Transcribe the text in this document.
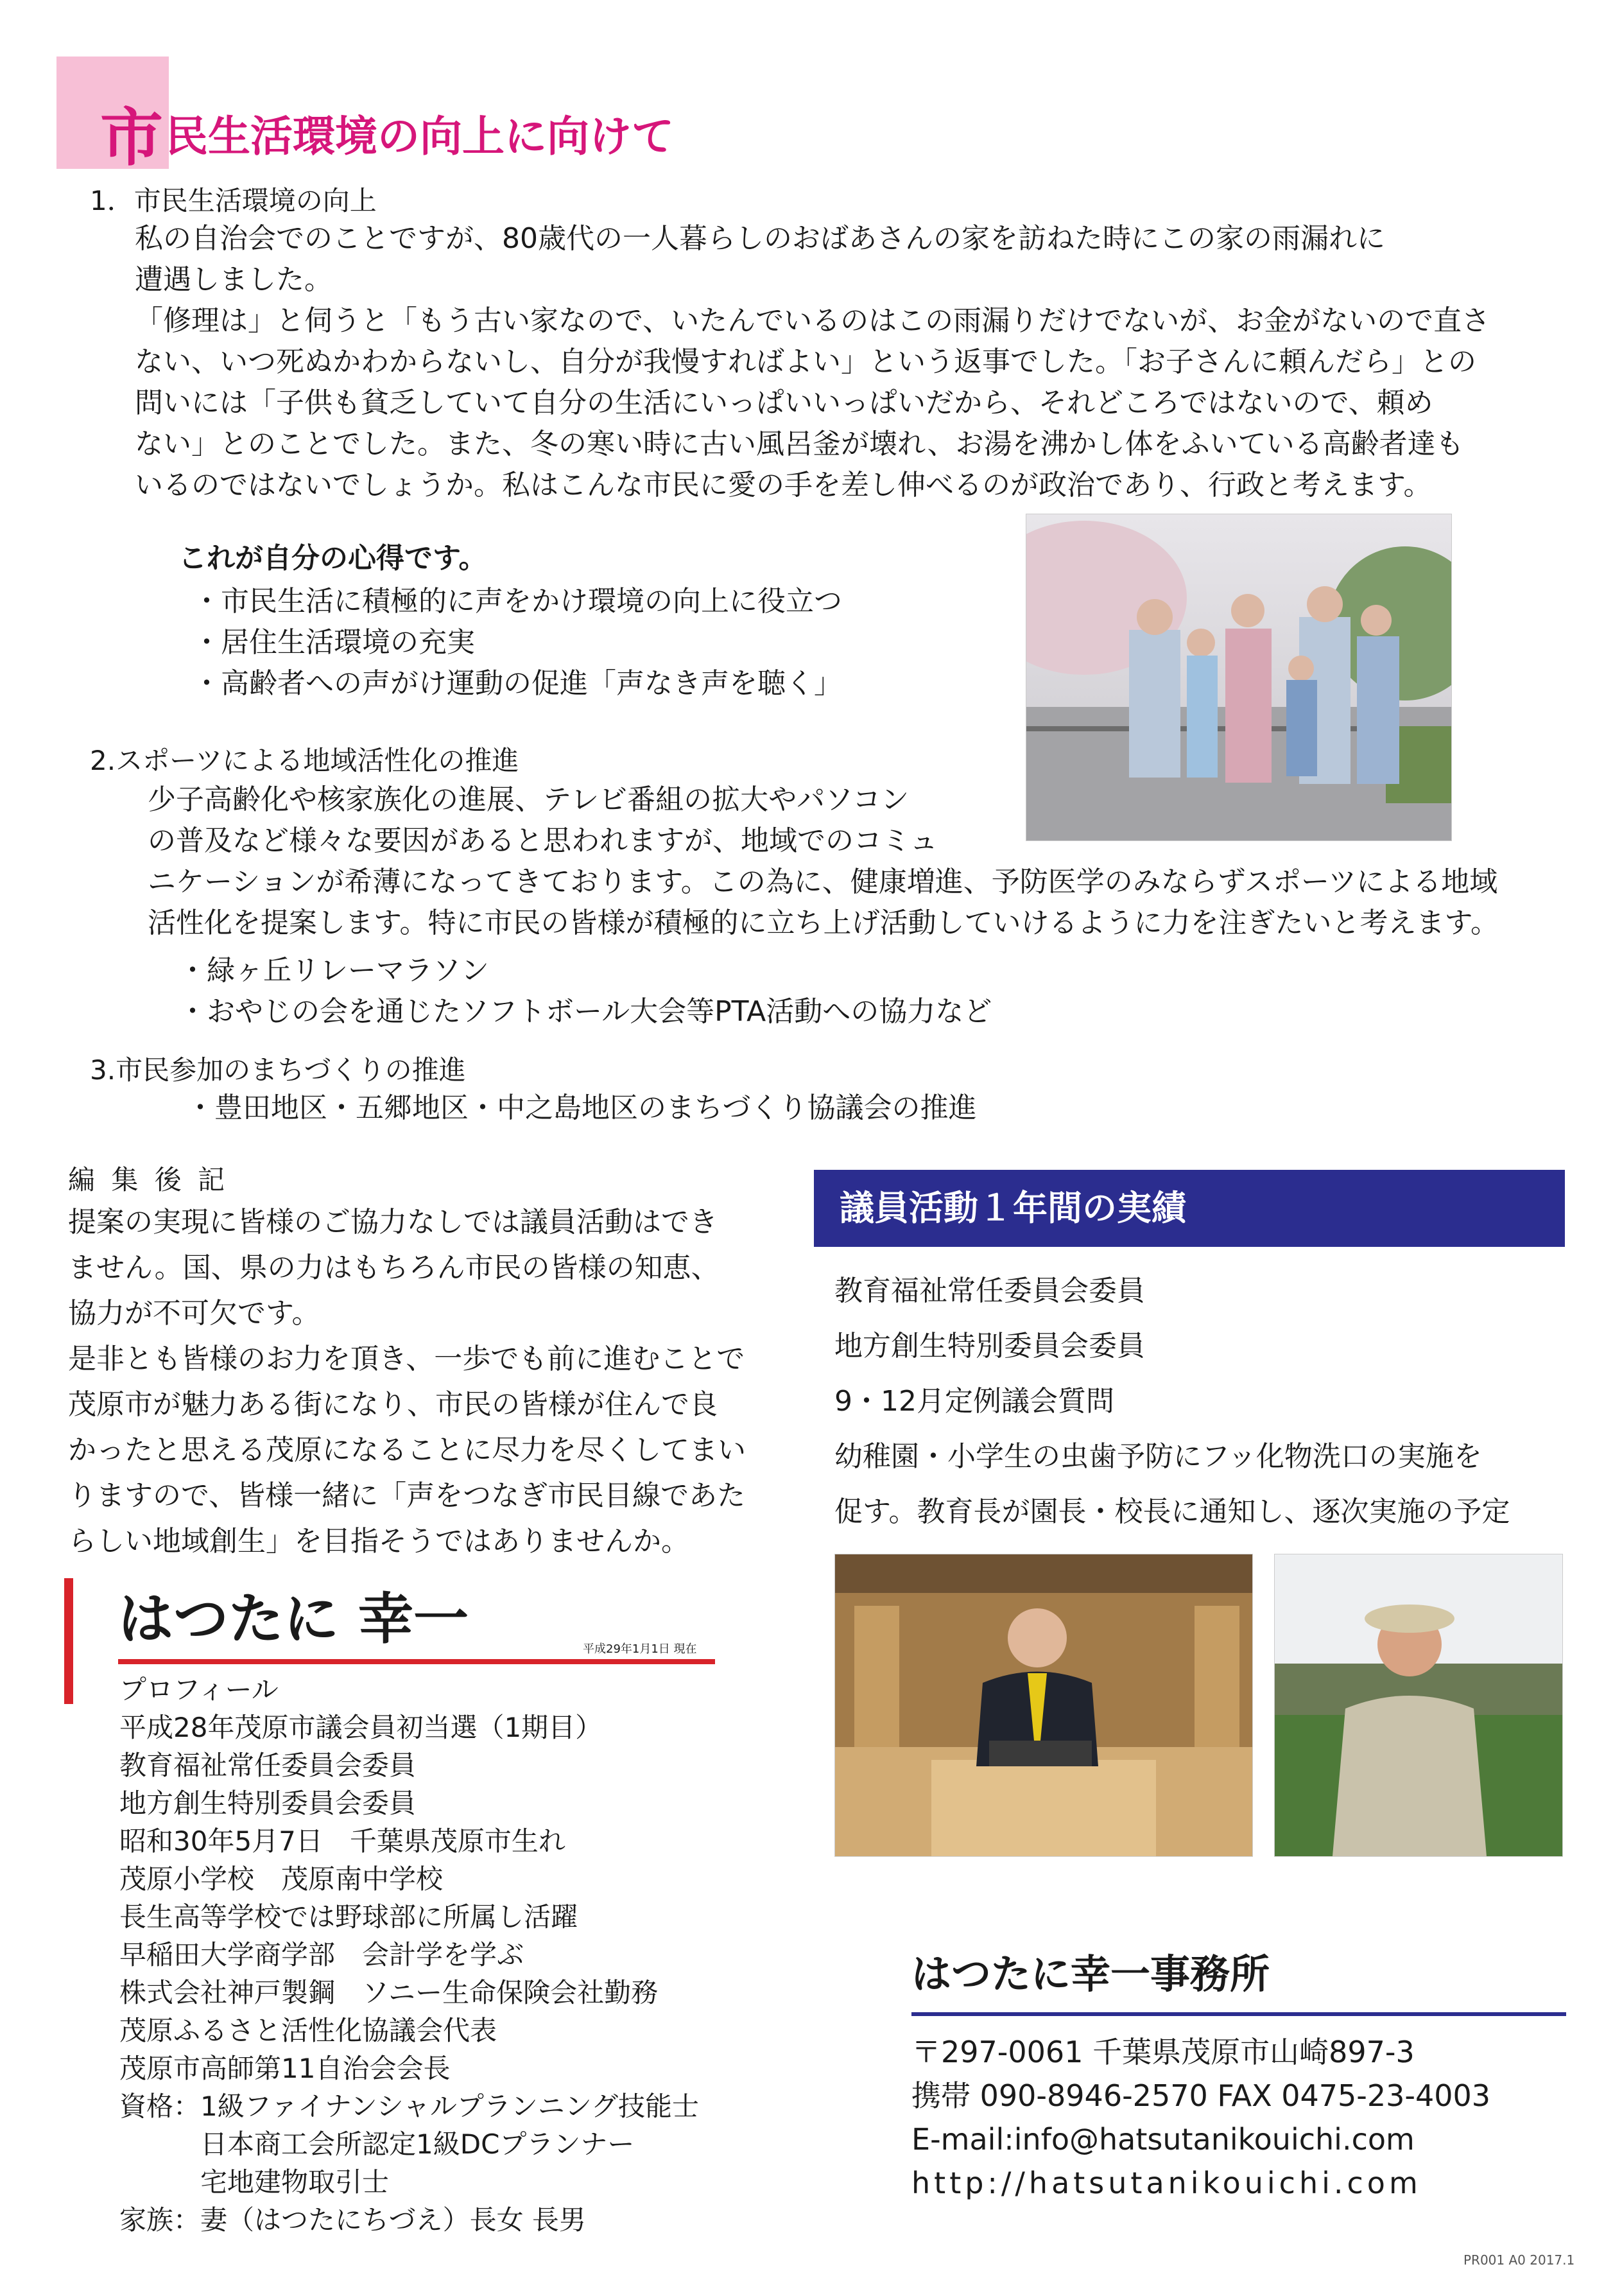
市 民生活環境の向上に向けて
1．市民生活環境の向上
私の自治会でのことですが、80歳代の一人暮らしのおばあさんの家を訪ねた時にこの家の雨漏れに
遭遇しました。
「修理は」と伺うと「もう古い家なので、いたんでいるのはこの雨漏りだけでないが、お金がないので直さ
ない、いつ死ぬかわからないし、自分が我慢すればよい」という返事でした。「お子さんに頼んだら」との
問いには「子供も貧乏していて自分の生活にいっぱいいっぱいだから、それどころではないので、頼め
ない」とのことでした。また、冬の寒い時に古い風呂釜が壊れ、お湯を沸かし体をふいている高齢者達も
いるのではないでしょうか。私はこんな市民に愛の手を差し伸べるのが政治であり、行政と考えます。
これが自分の心得です。
・市民生活に積極的に声をかけ環境の向上に役立つ
・居住生活環境の充実
・高齢者への声がけ運動の促進「声なき声を聴く」
2.スポーツによる地域活性化の推進
少子高齢化や核家族化の進展、テレビ番組の拡大やパソコン
の普及など様々な要因があると思われますが、地域でのコミュ
ニケーションが希薄になってきております。この為に、健康増進、予防医学のみならずスポーツによる地域
活性化を提案します。特に市民の皆様が積極的に立ち上げ活動していけるように力を注ぎたいと考えます。
・緑ヶ丘リレーマラソン
・おやじの会を通じたソフトボール大会等PTA活動への協力など
3.市民参加のまちづくりの推進
・豊田地区・五郷地区・中之島地区のまちづくり協議会の推進
編 集 後 記
提案の実現に皆様のご協力なしでは議員活動はでき
ません。国、県の力はもちろん市民の皆様の知恵、
協力が不可欠です。
是非とも皆様のお力を頂き、一歩でも前に進むことで
茂原市が魅力ある街になり、市民の皆様が住んで良
かったと思える茂原になることに尽力を尽くしてまい
りますので、皆様一緒に「声をつなぎ市民目線であた
らしい地域創生」を目指そうではありませんか。
議員活動１年間の実績
教育福祉常任委員会委員
地方創生特別委員会委員
9・12月定例議会質問
幼稚園・小学生の虫歯予防にフッ化物洗口の実施を
促す。教育長が園長・校長に通知し、逐次実施の予定
はつたに 幸一	平成29年1月1日 現在
プロフィール
平成28年茂原市議会員初当選（1期目）
教育福祉常任委員会委員
地方創生特別委員会委員
昭和30年5月7日　千葉県茂原市生れ
茂原小学校　茂原南中学校
長生高等学校では野球部に所属し活躍
早稲田大学商学部　会計学を学ぶ
株式会社神戸製鋼　ソニー生命保険会社勤務
茂原ふるさと活性化協議会代表
茂原市高師第11自治会会長
資格：1級ファイナンシャルプランニング技能士
　　　日本商工会所認定1級DCプランナー
　　　宅地建物取引士
家族：妻（はつたにちづえ）長女 長男
はつたに幸一事務所
〒297-0061 千葉県茂原市山崎897-3
携帯 090-8946-2570 FAX 0475-23-4003
E-mail:info@hatsutanikouichi.com
http://hatsutanikouichi.com
PR001 A0 2017.1
